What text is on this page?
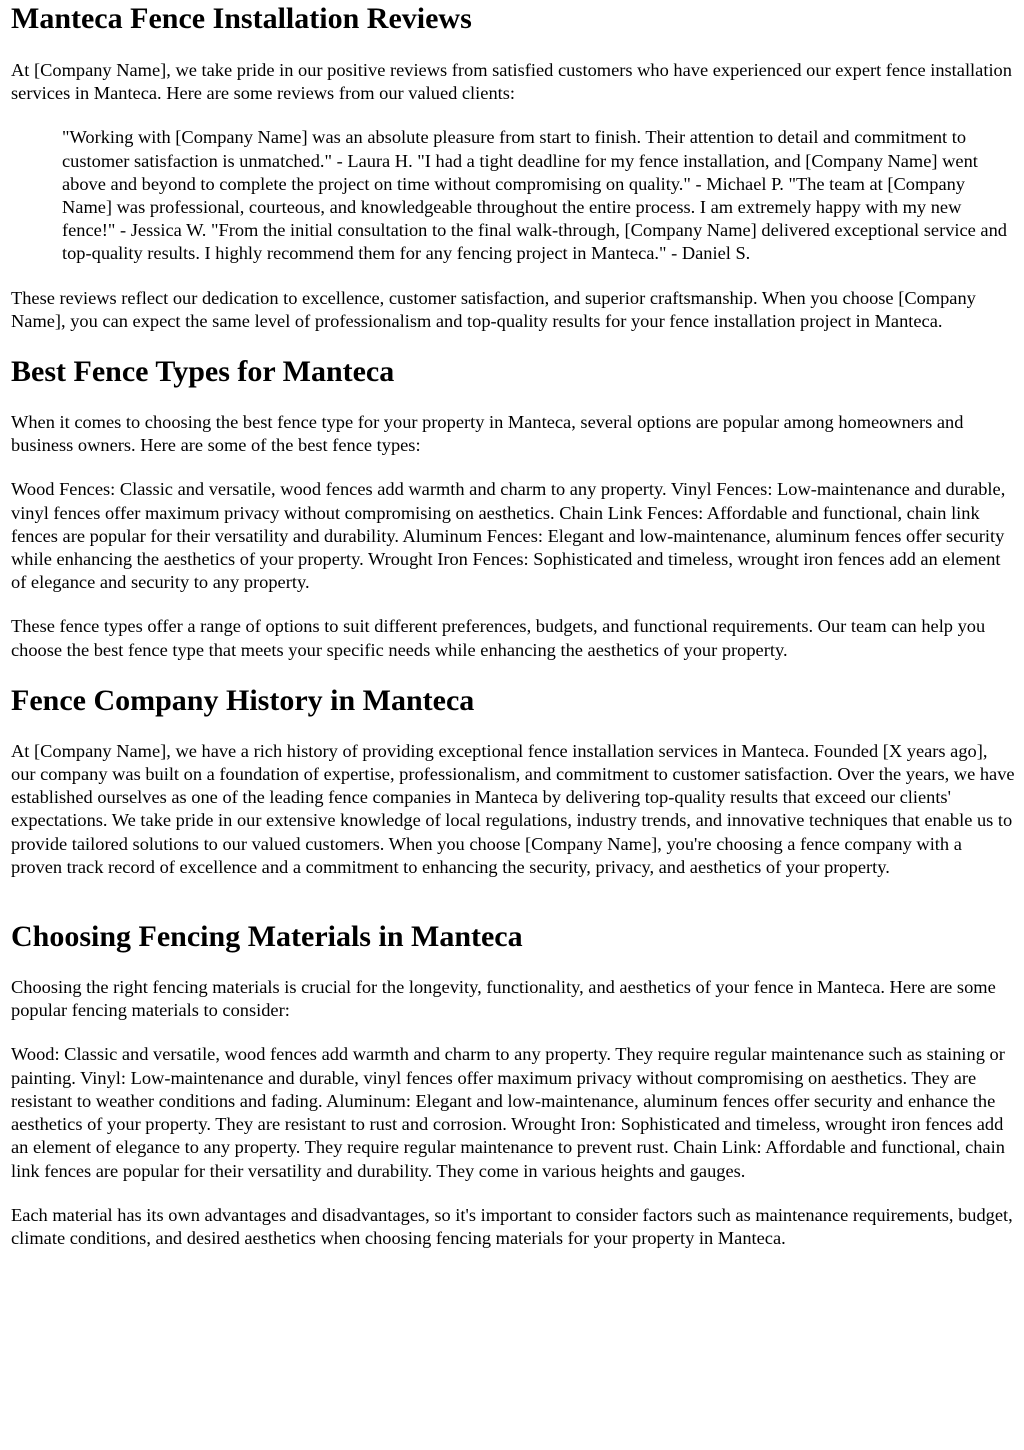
Manteca Fence Installation Reviews

At [Company Name], we take pride in our positive reviews from satisfied customers who have experienced our expert fence installation services in Manteca. Here are some reviews from our valued clients:

"Working with [Company Name] was an absolute pleasure from start to finish. Their attention to detail and commitment to customer satisfaction is unmatched." - Laura H. "I had a tight deadline for my fence installation, and [Company Name] went above and beyond to complete the project on time without compromising on quality." - Michael P. "The team at [Company Name] was professional, courteous, and knowledgeable throughout the entire process. I am extremely happy with my new fence!" - Jessica W. "From the initial consultation to the final walk-through, [Company Name] delivered exceptional service and top-quality results. I highly recommend them for any fencing project in Manteca." - Daniel S.

These reviews reflect our dedication to excellence, customer satisfaction, and superior craftsmanship. When you choose [Company Name], you can expect the same level of professionalism and top-quality results for your fence installation project in Manteca.

Best Fence Types for Manteca

When it comes to choosing the best fence type for your property in Manteca, several options are popular among homeowners and business owners. Here are some of the best fence types:

Wood Fences: Classic and versatile, wood fences add warmth and charm to any property. Vinyl Fences: Low-maintenance and durable, vinyl fences offer maximum privacy without compromising on aesthetics. Chain Link Fences: Affordable and functional, chain link fences are popular for their versatility and durability. Aluminum Fences: Elegant and low-maintenance, aluminum fences offer security while enhancing the aesthetics of your property. Wrought Iron Fences: Sophisticated and timeless, wrought iron fences add an element of elegance and security to any property.

These fence types offer a range of options to suit different preferences, budgets, and functional requirements. Our team can help you choose the best fence type that meets your specific needs while enhancing the aesthetics of your property.

Fence Company History in Manteca

At [Company Name], we have a rich history of providing exceptional fence installation services in Manteca. Founded [X years ago], our company was built on a foundation of expertise, professionalism, and commitment to customer satisfaction. Over the years, we have established ourselves as one of the leading fence companies in Manteca by delivering top-quality results that exceed our clients' expectations. We take pride in our extensive knowledge of local regulations, industry trends, and innovative techniques that enable us to provide tailored solutions to our valued customers. When you choose [Company Name], you're choosing a fence company with a proven track record of excellence and a commitment to enhancing the security, privacy, and aesthetics of your property.

Choosing Fencing Materials in Manteca

Choosing the right fencing materials is crucial for the longevity, functionality, and aesthetics of your fence in Manteca. Here are some popular fencing materials to consider:

Wood: Classic and versatile, wood fences add warmth and charm to any property. They require regular maintenance such as staining or painting. Vinyl: Low-maintenance and durable, vinyl fences offer maximum privacy without compromising on aesthetics. They are resistant to weather conditions and fading. Aluminum: Elegant and low-maintenance, aluminum fences offer security and enhance the aesthetics of your property. They are resistant to rust and corrosion. Wrought Iron: Sophisticated and timeless, wrought iron fences add an element of elegance to any property. They require regular maintenance to prevent rust. Chain Link: Affordable and functional, chain link fences are popular for their versatility and durability. They come in various heights and gauges.

Each material has its own advantages and disadvantages, so it's important to consider factors such as maintenance requirements, budget, climate conditions, and desired aesthetics when choosing fencing materials for your property in Manteca.
